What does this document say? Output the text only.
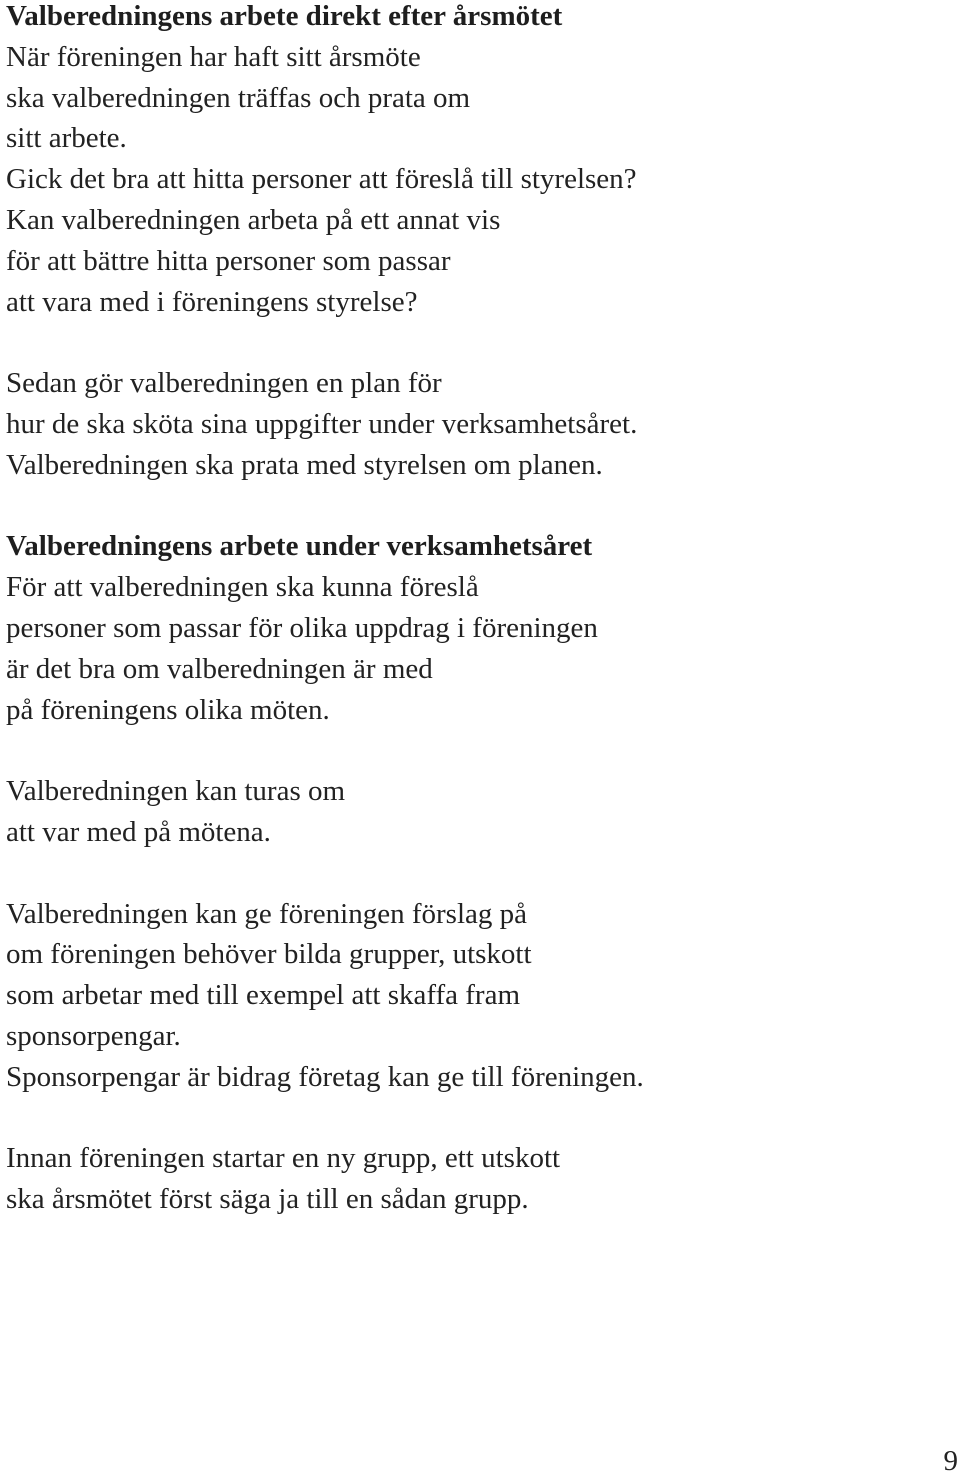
Valberedningens arbete direkt efter årsmötet

När föreningen har haft sitt årsmöte

ska valberedningen träffas och prata om

sitt arbete.

Gick det bra att hitta personer att föreslå till styrelsen?

Kan valberedningen arbeta på ett annat vis

för att bättre hitta personer som passar

att vara med i föreningens styrelse?

Sedan gör valberedningen en plan för

hur de ska sköta sina uppgifter under verksamhetsåret.

Valberedningen ska prata med styrelsen om planen.

Valberedningens arbete under verksamhetsåret

För att valberedningen ska kunna föreslå

personer som passar för olika uppdrag i föreningen

är det bra om valberedningen är med

på föreningens olika möten.

Valberedningen kan turas om

att var med på mötena.

Valberedningen kan ge föreningen förslag på

om föreningen behöver bilda grupper, utskott

som arbetar med till exempel att skaffa fram

sponsorpengar.

Sponsorpengar är bidrag företag kan ge till föreningen.

Innan föreningen startar en ny grupp, ett utskott

ska årsmötet först säga ja till en sådan grupp.

9
